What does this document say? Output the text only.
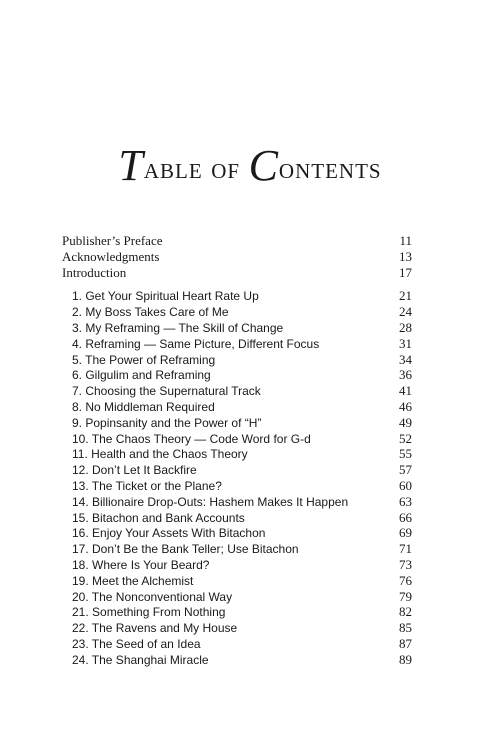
Table of Contents
Publisher’s Preface	11
Acknowledgments	13
Introduction	17
1. Get Your Spiritual Heart Rate Up	21
2. My Boss Takes Care of Me	24
3. My Reframing — The Skill of Change	28
4. Reframing — Same Picture, Different Focus	31
5. The Power of Reframing	34
6. Gilgulim and Reframing	36
7. Choosing the Supernatural Track	41
8. No Middleman Required	46
9. Popinsanity and the Power of “H”	49
10. The Chaos Theory — Code Word for G-d	52
11. Health and the Chaos Theory	55
12. Don’t Let It Backfire	57
13. The Ticket or the Plane?	60
14. Billionaire Drop-Outs: Hashem Makes It Happen	63
15. Bitachon and Bank Accounts	66
16. Enjoy Your Assets With Bitachon	69
17. Don’t Be the Bank Teller; Use Bitachon	71
18. Where Is Your Beard?	73
19. Meet the Alchemist	76
20. The Nonconventional Way	79
21. Something From Nothing	82
22. The Ravens and My House	85
23. The Seed of an Idea	87
24. The Shanghai Miracle	89
